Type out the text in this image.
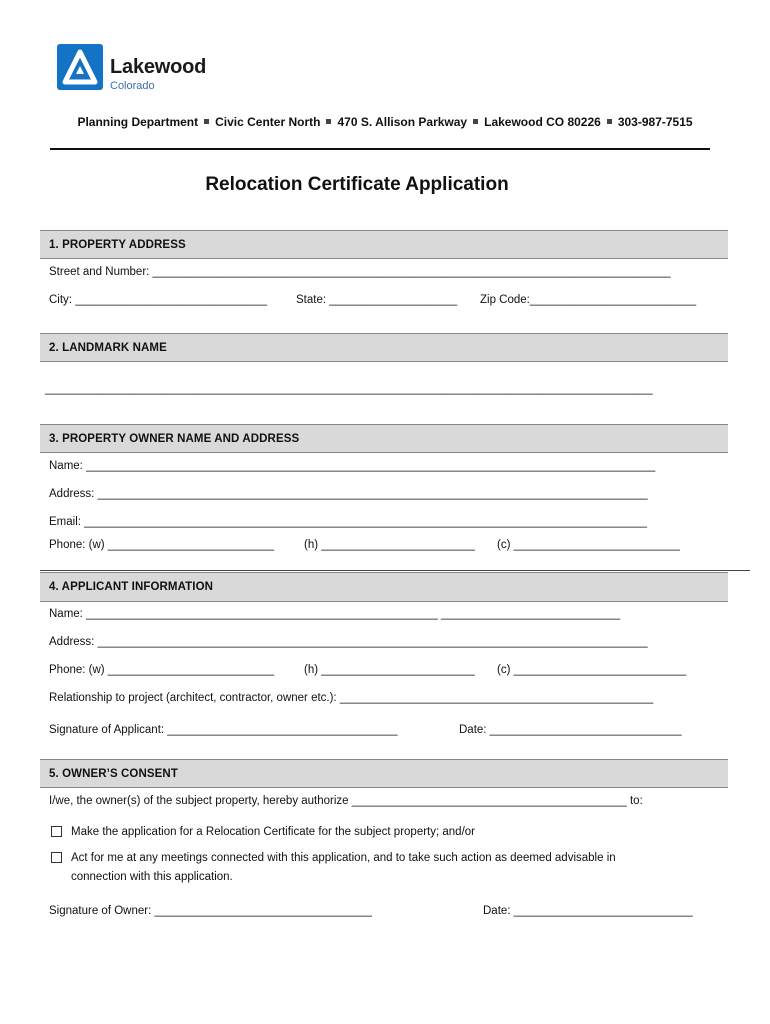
Lakewood
Colorado
Planning Department Civic Center North 470 S. Allison Parkway Lakewood CO 80226 303-987-7515
Relocation Certificate Application
1. PROPERTY ADDRESS
Street and Number: _________________________________________________________________________________
City: ______________________________	State: ____________________ Zip Code:__________________________
2. LANDMARK NAME
_______________________________________________________________________________________________
3. PROPERTY OWNER NAME AND ADDRESS
Name: _________________________________________________________________________________________
Address: ______________________________________________________________________________________
Email: ________________________________________________________________________________________
Phone: (w) __________________________	(h) ________________________ (c) __________________________
4. APPLICANT INFORMATION
Name: _______________________________________________________ ____________________________
Address: ______________________________________________________________________________________
Phone: (w) __________________________	(h) ________________________ (c) ___________________________
Relationship to project (architect, contractor, owner etc.): _________________________________________________
Signature of Applicant: ____________________________________	Date: ______________________________
5. OWNER’S CONSENT
I/we, the owner(s) of the subject property, hereby authorize ___________________________________________ to:
Make the application for a Relocation Certificate for the subject property; and/or
Act for me at any meetings connected with this application, and to take such action as deemed advisable in
connection with this application.
Signature of Owner: __________________________________	Date: ____________________________
